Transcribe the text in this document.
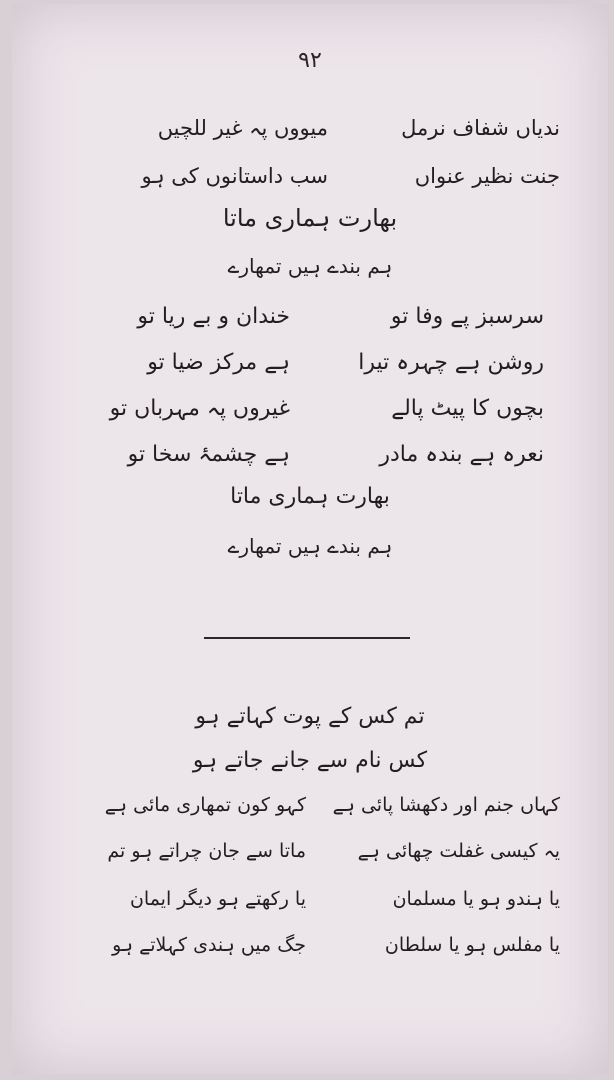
٩٢
ندیاں شفاف نرمل
میووں پہ غیر للچیں
جنت نظیر عنواں
سب داستانوں کی ہو
بھارت ہماری ماتا
ہم بندے ہیں تمھارے
سرسبز پے وفا تو
خندان و بے ریا تو
روشن ہے چہرہ تیرا
ہے مرکز ضیا تو
بچوں کا پیٹ پالے
غیروں پہ مہرباں تو
نعرہ ہے بندہ مادر
ہے چشمۂ سخا تو
بھارت ہماری ماتا
ہم بندے ہیں تمھارے
تم کس کے پوت کہاتے ہو
کس نام سے جانے جاتے ہو
کہاں جنم اور دکھشا پائی ہے
کہو کون تمھاری مائی ہے
یہ کیسی غفلت چھائی ہے
ماتا سے جان چراتے ہو تم
یا ہندو ہو یا مسلمان
یا رکھتے ہو دیگر ایمان
یا مفلس ہو یا سلطان
جگ میں ہندی کہلاتے ہو
